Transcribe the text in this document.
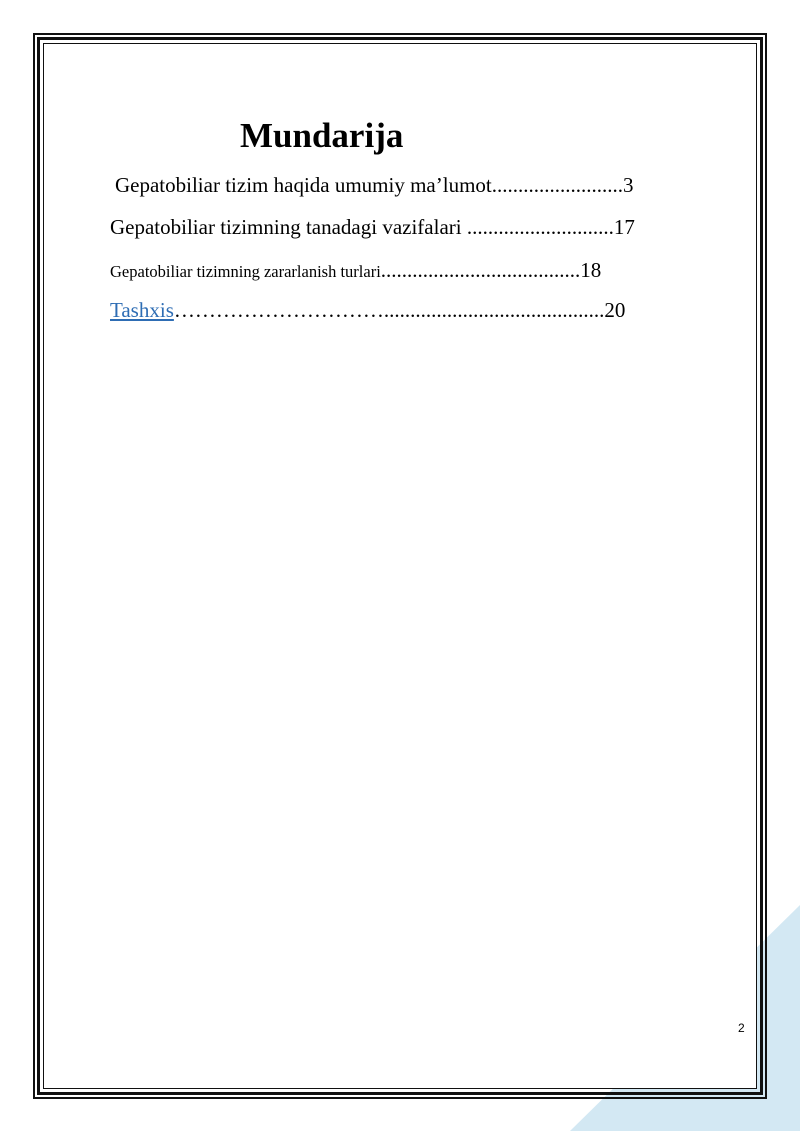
Mundarija
Gepatobiliar tizim haqida umumiy ma’lumot.........................3
Gepatobiliar tizimning tanadagi vazifalari ............................17
Gepatobiliar tizimning zararlanish turlari......................................18
Tashxis…………………………..........................................20
2
